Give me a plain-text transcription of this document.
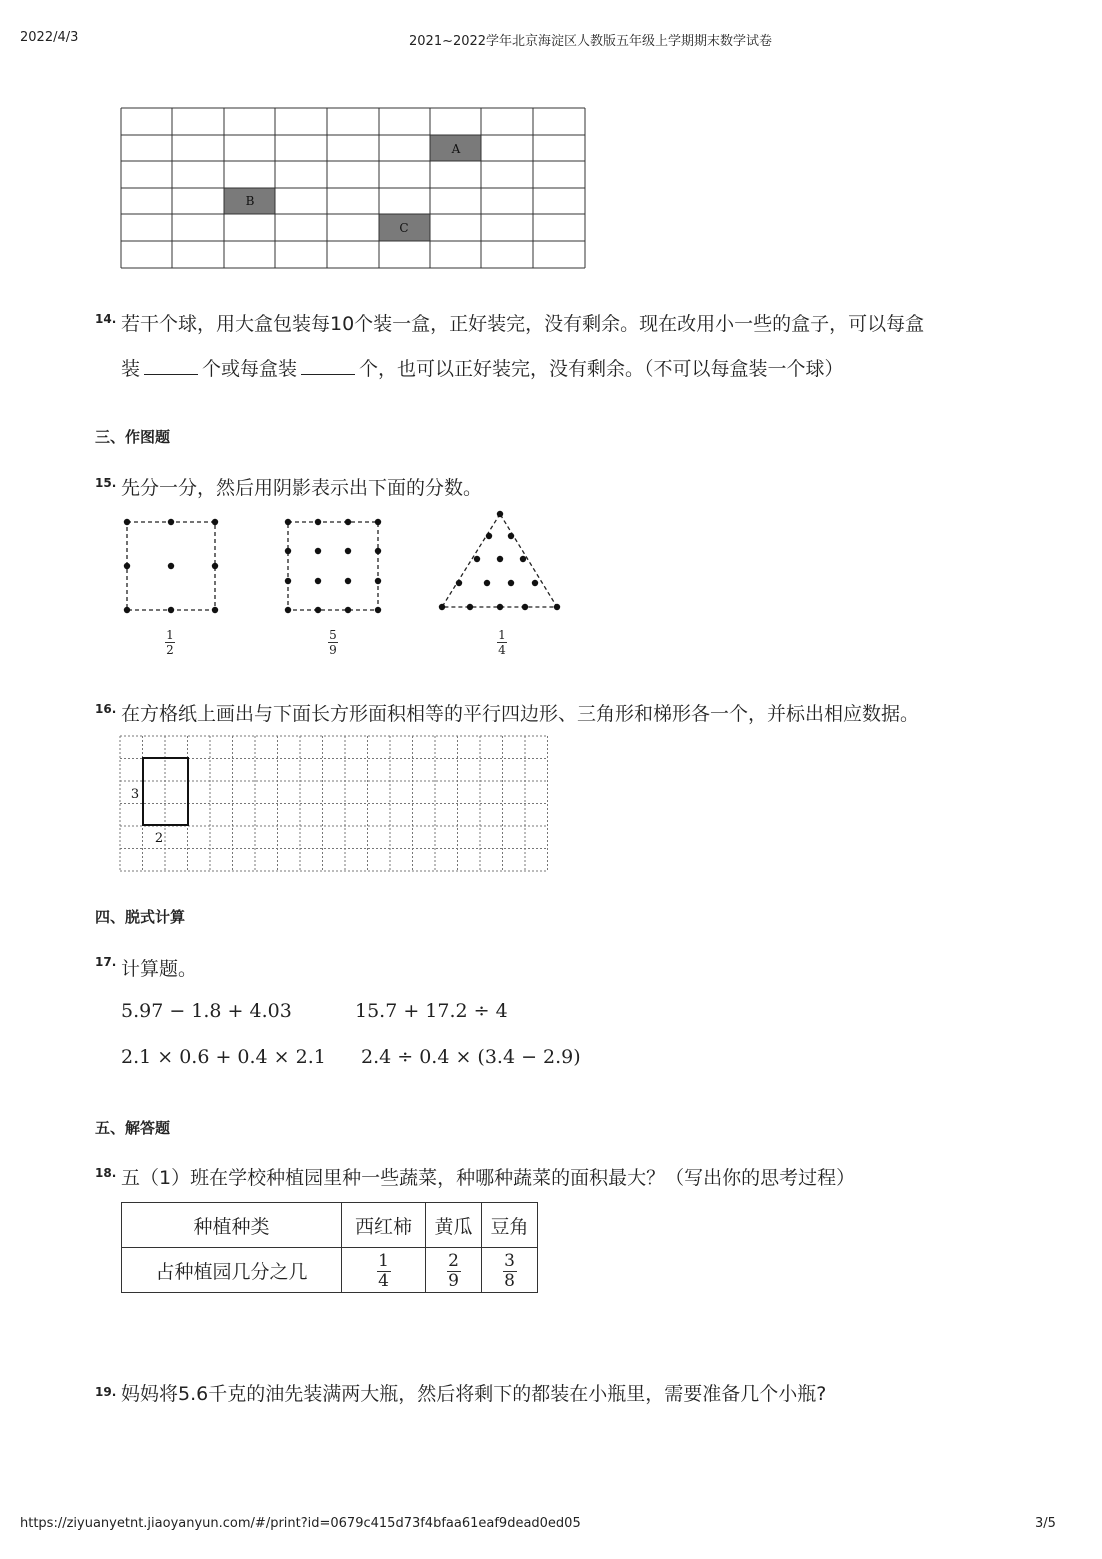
2022/4/3	2021~2022学年北京海淀区人教版五年级上学期期末数学试卷
A
B
C
14. 若干个球，用大盒包装每10个装一盒，正好装完，没有剩余。现在改用小一些的盒子，可以每盒
装	个或每盒装	个，也可以正好装完，没有剩余。（不可以每盒装一个球）
三、作图题
15. 先分一分，然后用阴影表示出下面的分数。
1
2
5
9
1
4
16. 在方格纸上画出与下面长方形面积相等的平行四边形、三角形和梯形各一个，并标出相应数据。
3
2
四、脱式计算
17. 计算题。
5.97 − 1.8 + 4.03	15.7 + 17.2 ÷ 4
2.1 × 0.6 + 0.4 × 2.1 2.4 ÷ 0.4 × (3.4 − 2.9)
五、解答题
18. 五（1）班在学校种植园里种一些蔬菜，种哪种蔬菜的面积最大？（写出你的思考过程）
种植种类	西红柿	黄瓜	豆角
占种植园几分之几	$\frac{1}{4}$	$\frac{2}{9}$	$\frac{3}{8}$
19. 妈妈将5.6千克的油先装满两大瓶，然后将剩下的都装在小瓶里，需要准备几个小瓶?
https://ziyuanyetnt.jiaoyanyun.com/#/print?id=0679c415d73f4bfaa61eaf9dead0ed05	3/5
